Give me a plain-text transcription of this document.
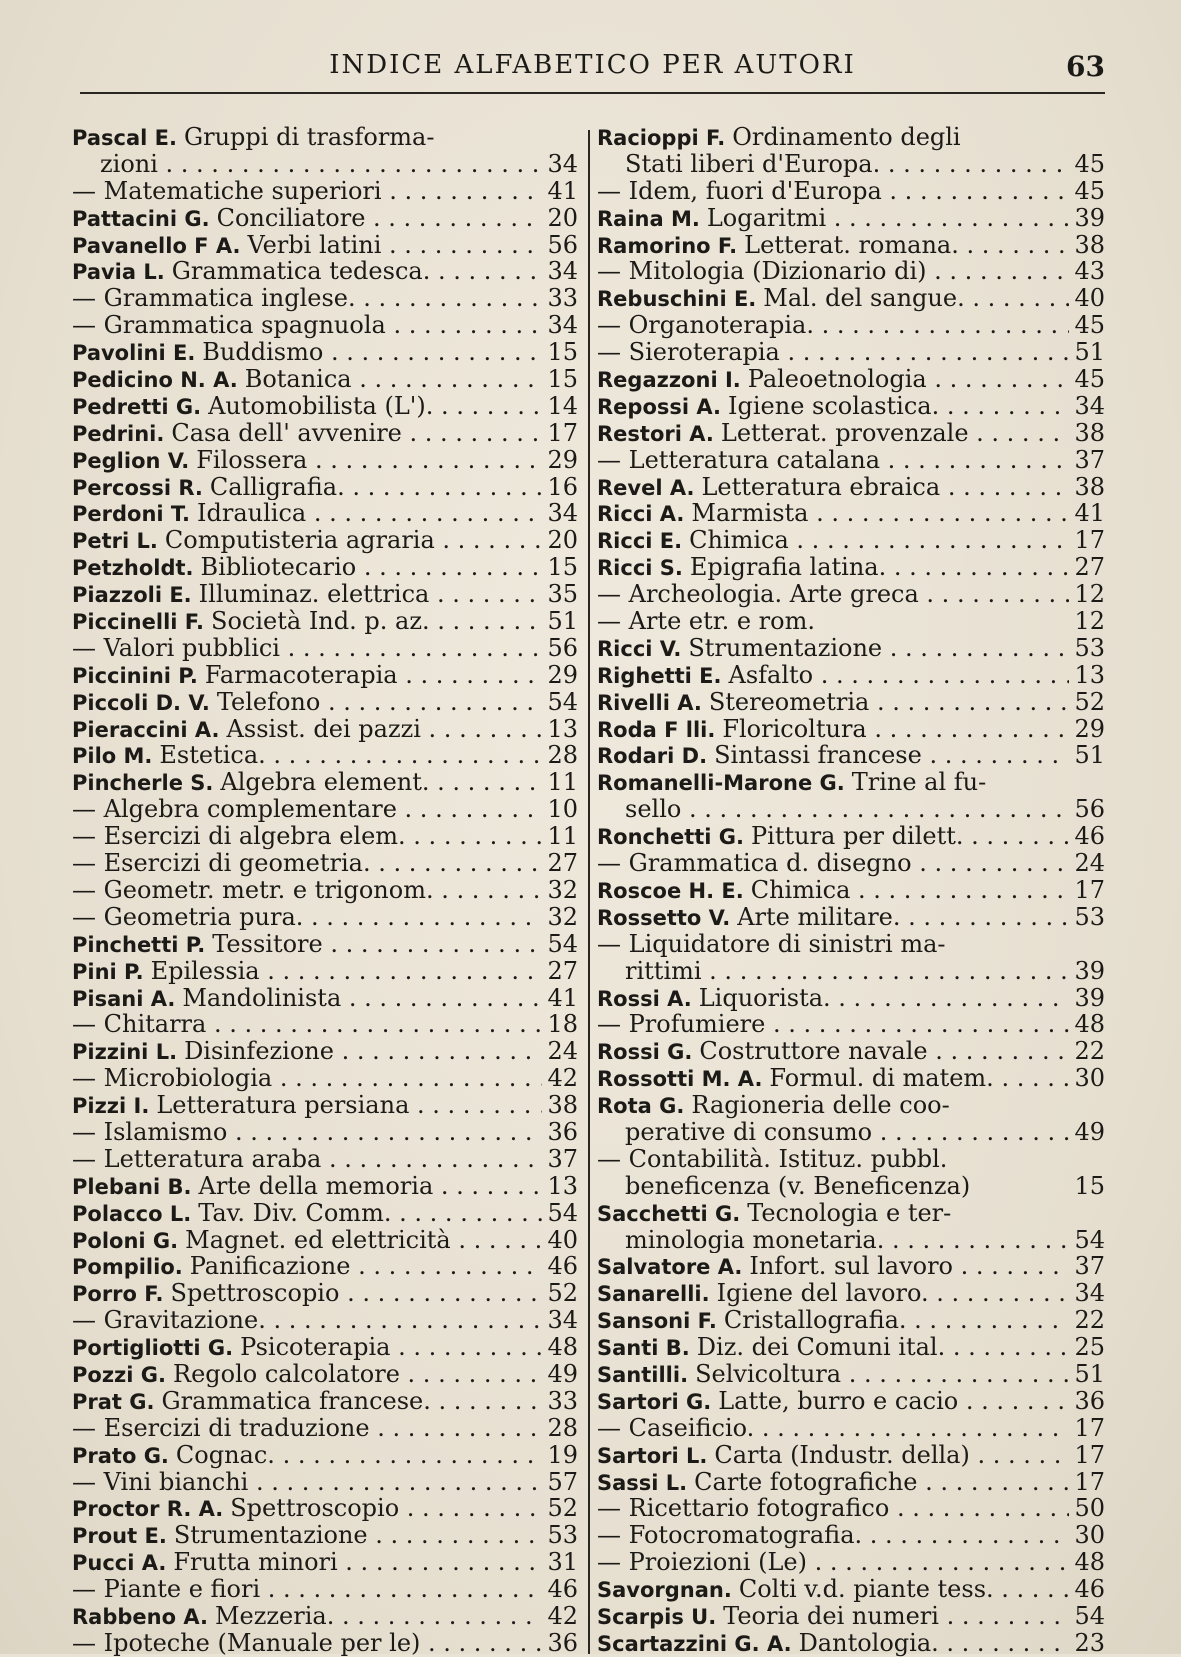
INDICE ALFABETICO PER AUTORI	63
Pascal E. Gruppi di trasforma-
zioni . . .	34
— Matematiche superiori . . .	41
Pattacini G. Conciliatore . . .	20
Pavanello F A. Verbi latini . . .	56
Pavia L. Grammatica tedesca. . . .	34
— Grammatica inglese. . . .	33
— Grammatica spagnuola . . .	34
Pavolini E. Buddismo . . .	15
Pedicino N. A. Botanica . . .	15
Pedretti G. Automobilista (L'). . . .	14
Pedrini. Casa dell' avvenire . . .	17
Peglion V. Filossera . . .	29
Percossi R. Calligrafia. . . .	16
Perdoni T. Idraulica . . .	34
Petri L. Computisteria agraria . . .	20
Petzholdt. Bibliotecario . . .	15
Piazzoli E. Illuminaz. elettrica . . .	35
Piccinelli F. Società Ind. p. az. . . .	51
— Valori pubblici . . .	56
Piccinini P. Farmacoterapia . . .	29
Piccoli D. V. Telefono . . .	54
Pieraccini A. Assist. dei pazzi . . .	13
Pilo M. Estetica. . . .	28
Pincherle S. Algebra element. . . .	11
— Algebra complementare . . .	10
— Esercizi di algebra elem. . . .	11
— Esercizi di geometria. . . .	27
— Geometr. metr. e trigonom. . . .	32
— Geometria pura. . . .	32
Pinchetti P. Tessitore . . .	54
Pini P. Epilessia . . .	27
Pisani A. Mandolinista . . .	41
— Chitarra . . .	18
Pizzini L. Disinfezione . . .	24
— Microbiologia . . .	42
Pizzi I. Letteratura persiana . . .	38
— Islamismo . . .	36
— Letteratura araba . . .	37
Plebani B. Arte della memoria . . .	13
Polacco L. Tav. Div. Comm. . . .	54
Poloni G. Magnet. ed elettricità . . .	40
Pompilio. Panificazione . . .	46
Porro F. Spettroscopio . . .	52
— Gravitazione. . . .	34
Portigliotti G. Psicoterapia . . .	48
Pozzi G. Regolo calcolatore . . .	49
Prat G. Grammatica francese. . . .	33
— Esercizi di traduzione . . .	28
Prato G. Cognac. . . .	19
— Vini bianchi . . .	57
Proctor R. A. Spettroscopio . . .	52
Prout E. Strumentazione . . .	53
Pucci A. Frutta minori . . .	31
— Piante e fiori . . .	46
Rabbeno A. Mezzeria. . . .	42
— Ipoteche (Manuale per le) . . .	36
Racioppi F. Ordinamento degli
Stati liberi d'Europa. . . .	45
— Idem, fuori d'Europa . . .	45
Raina M. Logaritmi . . .	39
Ramorino F. Letterat. romana. . . .	38
— Mitologia (Dizionario di) . . .	43
Rebuschini E. Mal. del sangue. . . .	40
— Organoterapia. . . .	45
— Sieroterapia . . .	51
Regazzoni I. Paleoetnologia . . .	45
Repossi A. Igiene scolastica. . . .	34
Restori A. Letterat. provenzale . . .	38
— Letteratura catalana . . .	37
Revel A. Letteratura ebraica . . .	38
Ricci A. Marmista . . .	41
Ricci E. Chimica . . .	17
Ricci S. Epigrafia latina. . . .	27
— Archeologia. Arte greca . . .	12
— Arte etr. e rom.	12
Ricci V. Strumentazione . . .	53
Righetti E. Asfalto . . .	13
Rivelli A. Stereometria . . .	52
Roda F lli. Floricoltura . . .	29
Rodari D. Sintassi francese . . .	51
Romanelli-Marone G. Trine al fu-
sello . . .	56
Ronchetti G. Pittura per dilett. . . .	46
— Grammatica d. disegno . . .	24
Roscoe H. E. Chimica . . .	17
Rossetto V. Arte militare. . . .	53
— Liquidatore di sinistri ma-
rittimi . . .	39
Rossi A. Liquorista. . . .	39
— Profumiere . . .	48
Rossi G. Costruttore navale . . .	22
Rossotti M. A. Formul. di matem. . . .	30
Rota G. Ragioneria delle coo-
perative di consumo . . .	49
— Contabilità. Istituz. pubbl.
beneficenza (v. Beneficenza)	15
Sacchetti G. Tecnologia e ter-
minologia monetaria. . . .	54
Salvatore A. Infort. sul lavoro . . .	37
Sanarelli. Igiene del lavoro. . . .	34
Sansoni F. Cristallografia. . . .	22
Santi B. Diz. dei Comuni ital. . . .	25
Santilli. Selvicoltura . . .	51
Sartori G. Latte, burro e cacio . . .	36
— Caseificio. . . .	17
Sartori L. Carta (Industr. della) . . .	17
Sassi L. Carte fotografiche . . .	17
— Ricettario fotografico . . .	50
— Fotocromatografia. . . .	30
— Proiezioni (Le) . . .	48
Savorgnan. Colti v.d. piante tess. . . .	46
Scarpis U. Teoria dei numeri . . .	54
Scartazzini G. A. Dantologia. . . .	23
